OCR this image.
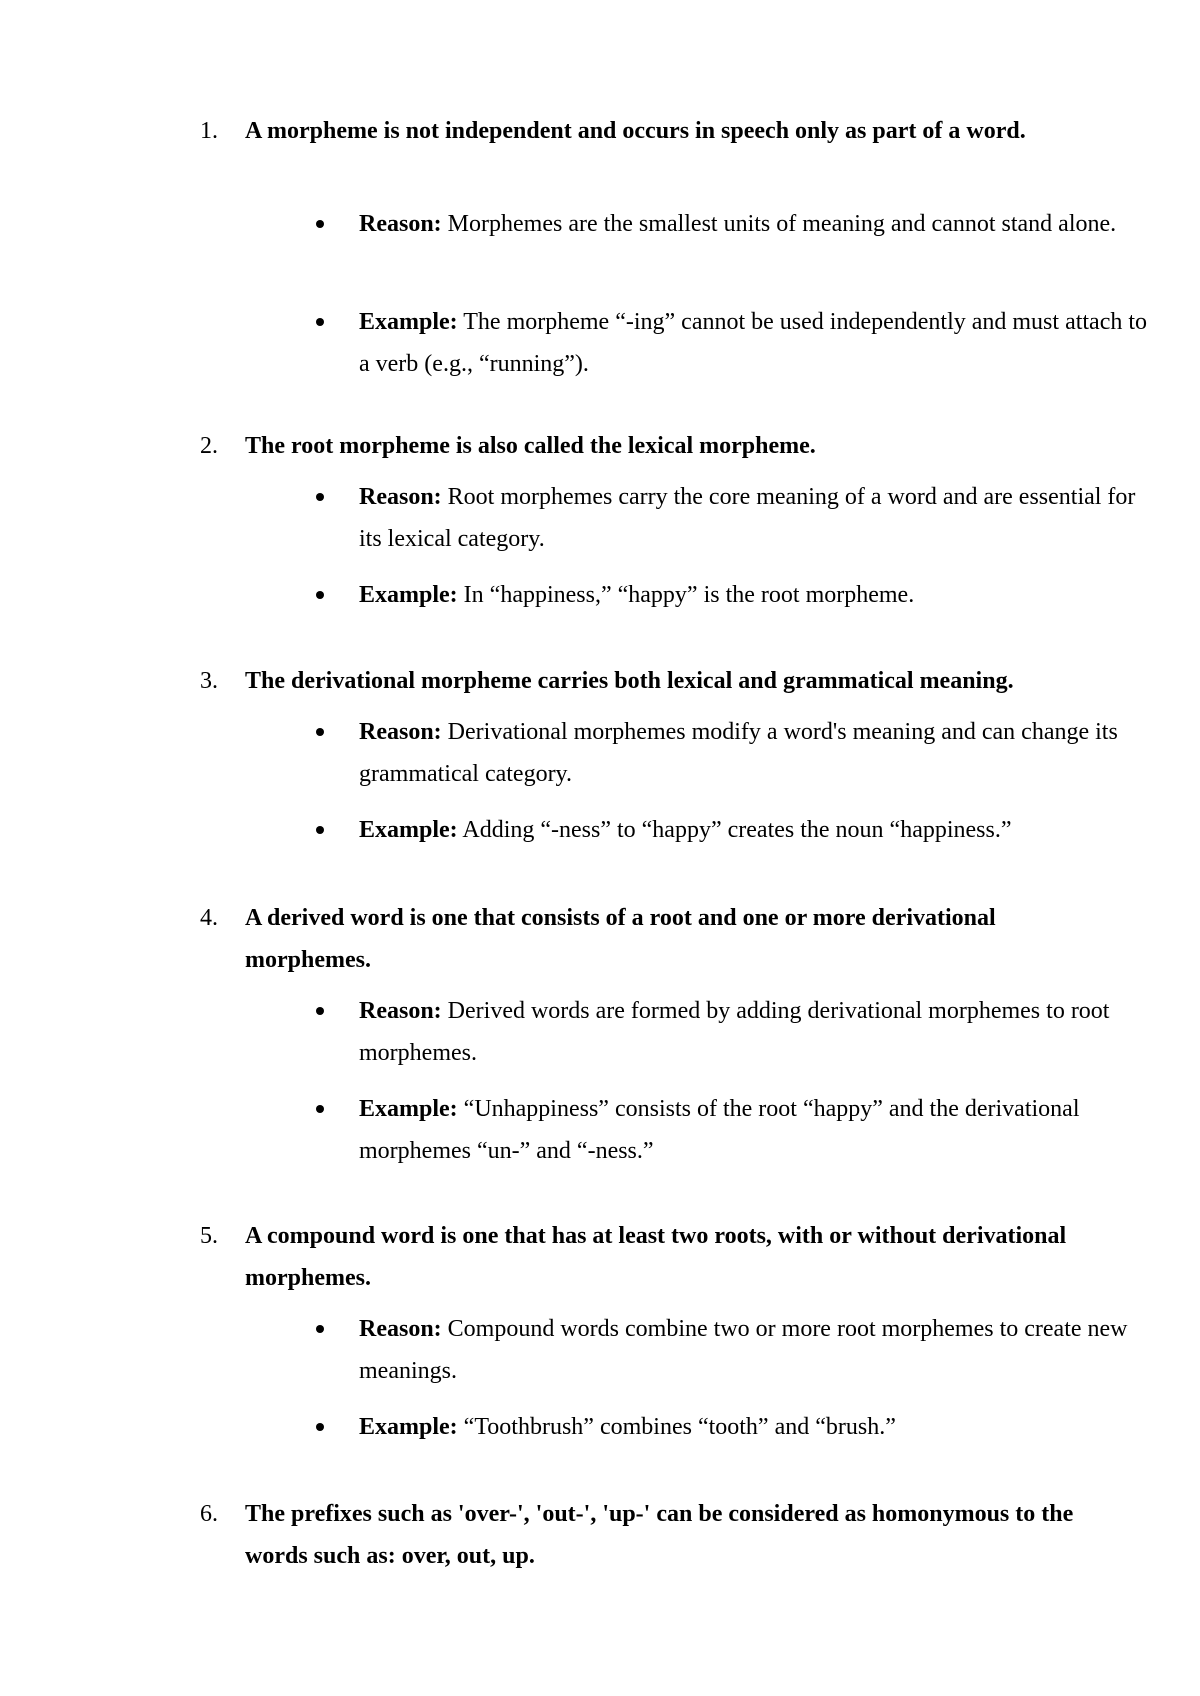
1.	A morpheme is not independent and occurs in speech only as part of a word.
Reason: Morphemes are the smallest units of meaning and cannot stand alone.
Example: The morpheme “-ing” cannot be used independently and must attach to a verb (e.g., “running”).
2.	The root morpheme is also called the lexical morpheme.
Reason: Root morphemes carry the core meaning of a word and are essential for its lexical category.
Example: In “happiness,” “happy” is the root morpheme.
3.	The derivational morpheme carries both lexical and grammatical meaning.
Reason: Derivational morphemes modify a word's meaning and can change its grammatical category.
Example: Adding “-ness” to “happy” creates the noun “happiness.”
4.	A derived word is one that consists of a root and one or more derivational morphemes.
Reason: Derived words are formed by adding derivational morphemes to root morphemes.
Example: “Unhappiness” consists of the root “happy” and the derivational morphemes “un-” and “-ness.”
5.	A compound word is one that has at least two roots, with or without derivational morphemes.
Reason: Compound words combine two or more root morphemes to create new meanings.
Example: “Toothbrush” combines “tooth” and “brush.”
6.	The prefixes such as 'over-', 'out-', 'up-' can be considered as homonymous to the words such as: over, out, up.
